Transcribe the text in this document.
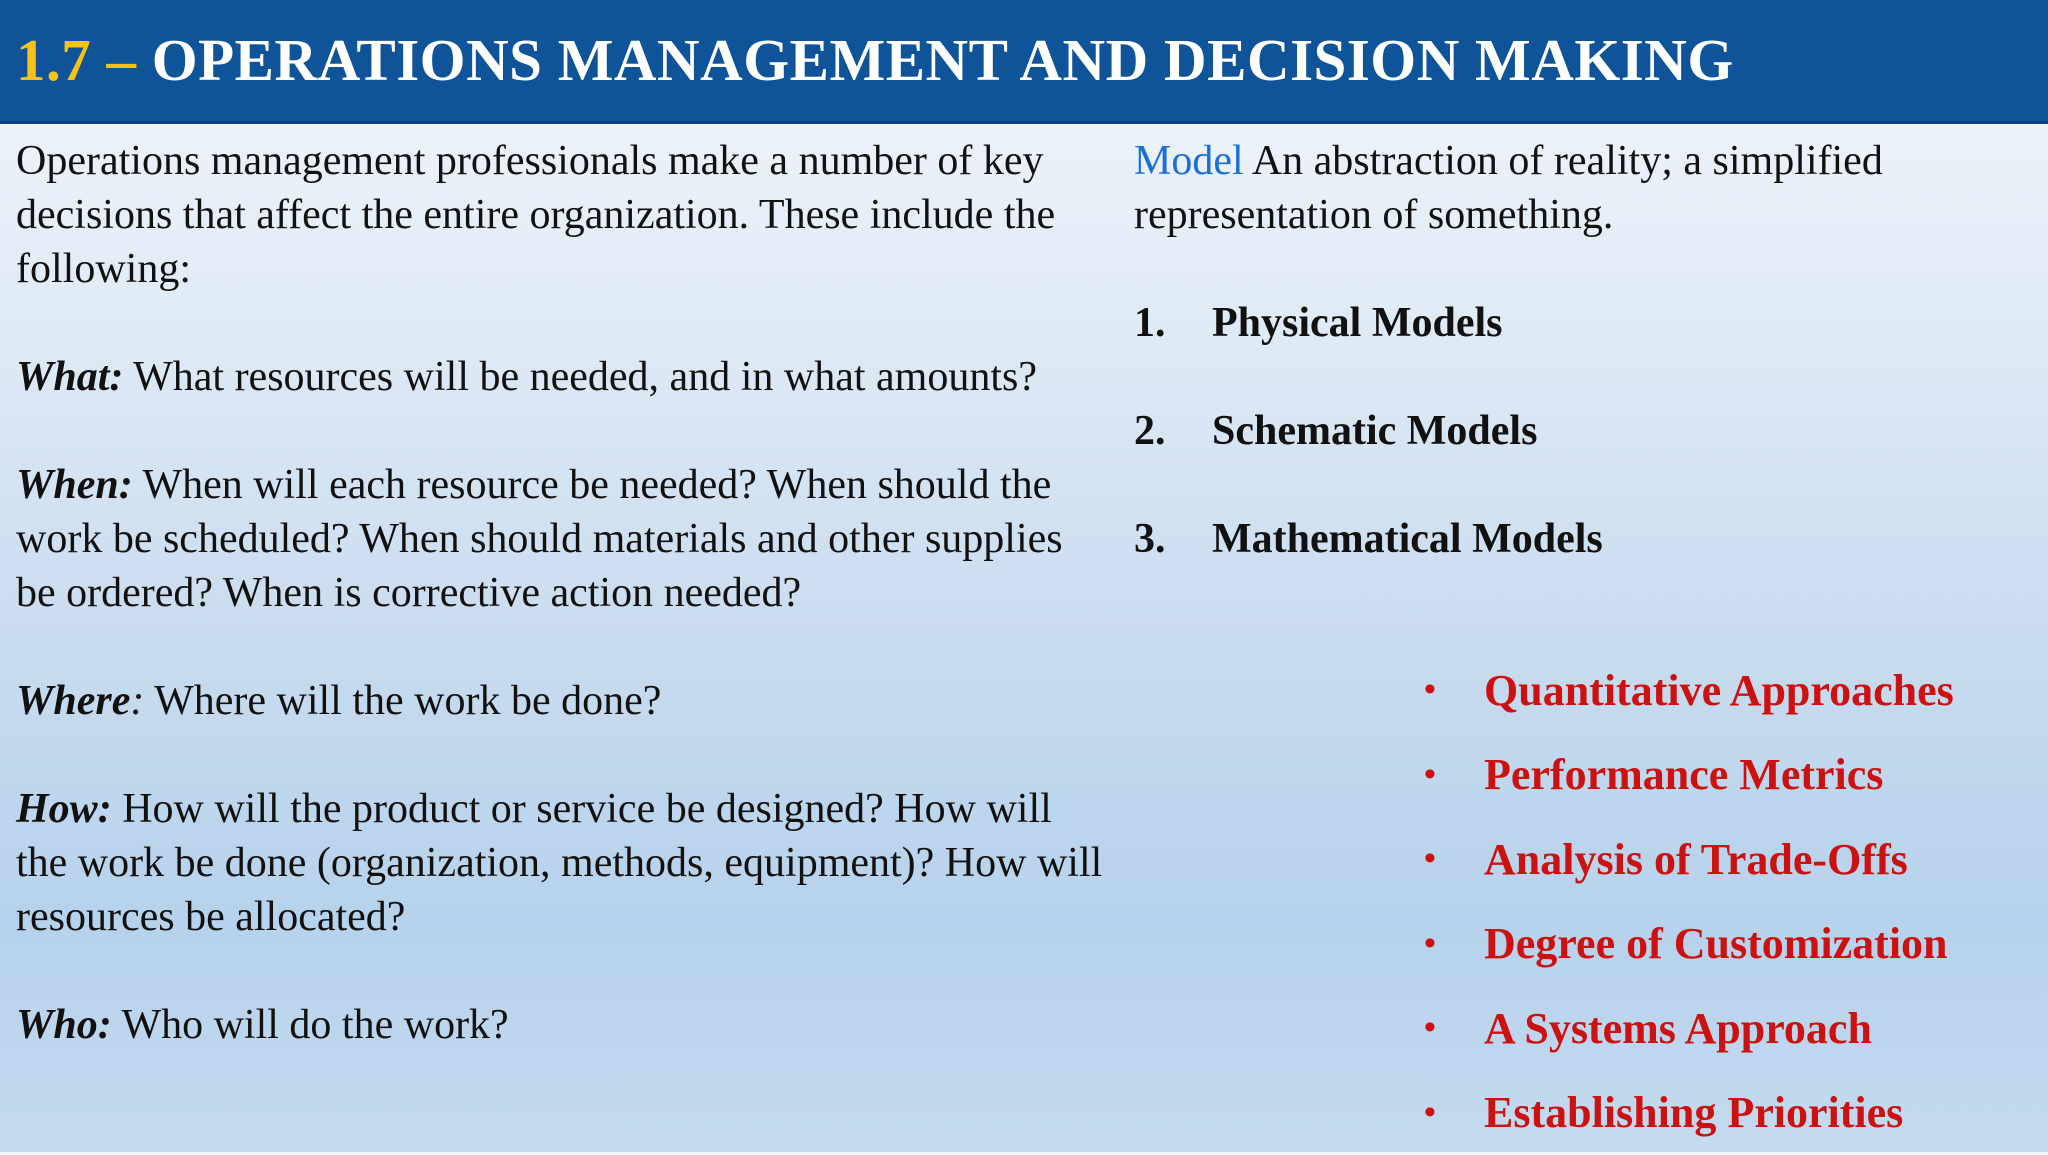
1.7 – OPERATIONS MANAGEMENT AND DECISION MAKING

Operations management professionals make a number of key decisions that affect the entire organization. These include the following:

What: What resources will be needed, and in what amounts?

When: When will each resource be needed? When should the work be scheduled? When should materials and other supplies be ordered? When is corrective action needed?

Where: Where will the work be done?

How: How will the product or service be designed? How will the work be done (organization, methods, equipment)? How will resources be allocated?

Who: Who will do the work?

Model An abstraction of reality; a simplified representation of something.

1.	Physical Models
2.	Schematic Models
3.	Mathematical Models
•	Quantitative Approaches
•	Performance Metrics
•	Analysis of Trade-Offs
•	Degree of Customization
•	A Systems Approach
•	Establishing Priorities
